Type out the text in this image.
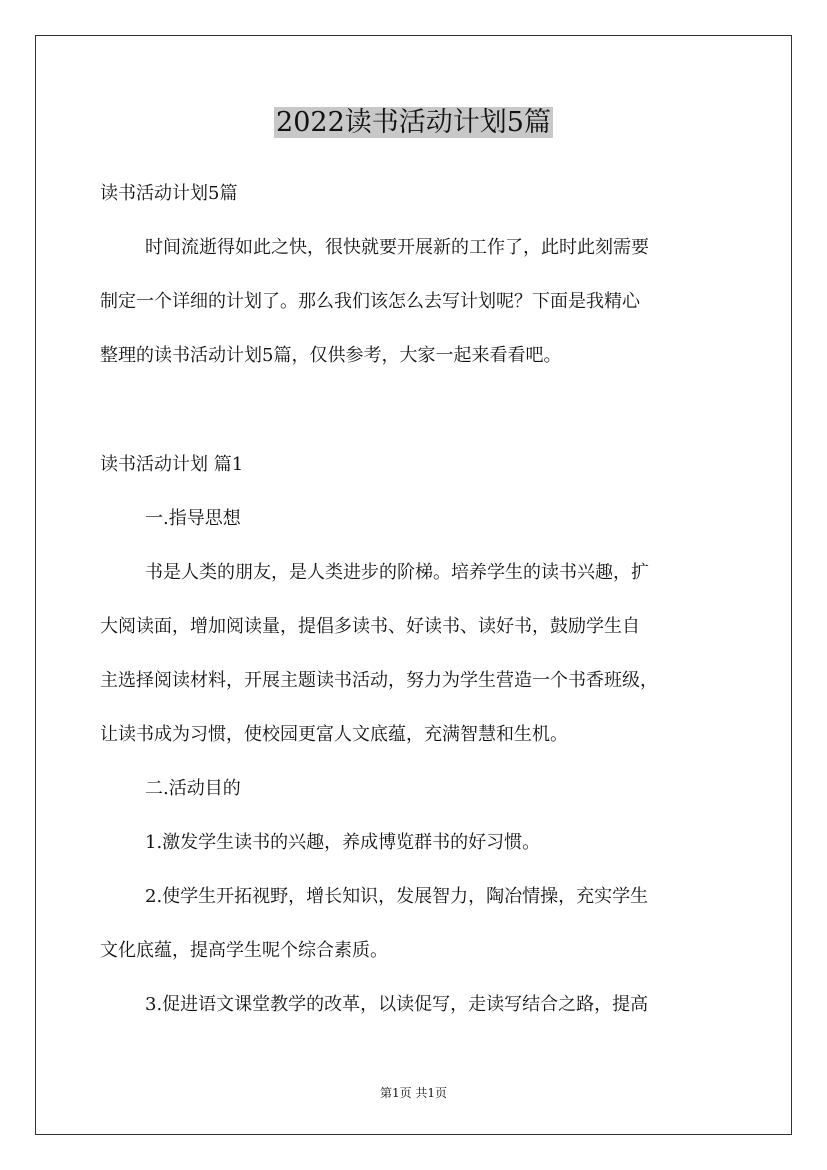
2022读书活动计划5篇

读书活动计划5篇

时间流逝得如此之快，很快就要开展新的工作了，此时此刻需要

制定一个详细的计划了。那么我们该怎么去写计划呢？下面是我精心

整理的读书活动计划5篇，仅供参考，大家一起来看看吧。

读书活动计划 篇1

一.指导思想

书是人类的朋友，是人类进步的阶梯。培养学生的读书兴趣，扩

大阅读面，增加阅读量，提倡多读书、好读书、读好书，鼓励学生自

主选择阅读材料，开展主题读书活动，努力为学生营造一个书香班级，

让读书成为习惯，使校园更富人文底蕴，充满智慧和生机。

二.活动目的

1.激发学生读书的兴趣，养成博览群书的好习惯。

2.使学生开拓视野，增长知识，发展智力，陶冶情操，充实学生

文化底蕴，提高学生呢个综合素质。

3.促进语文课堂教学的改革，以读促写，走读写结合之路，提高

第1页 共1页
